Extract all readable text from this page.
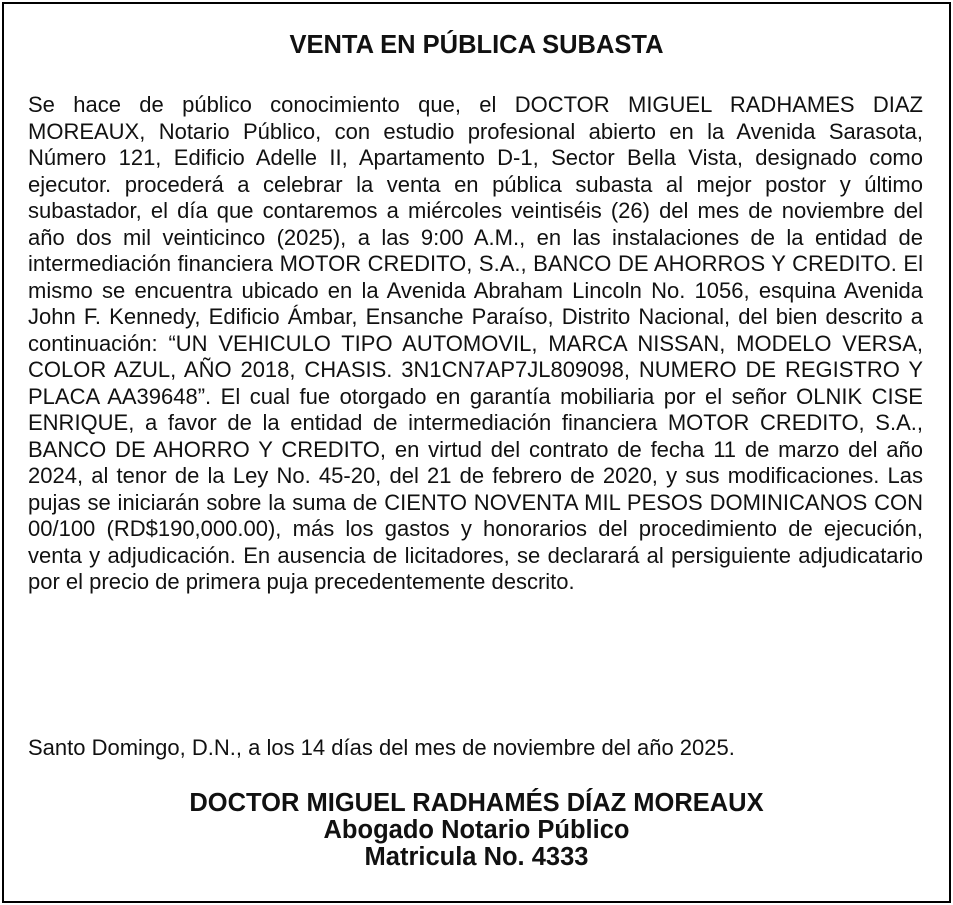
VENTA EN PÚBLICA SUBASTA

Se hace de público conocimiento que, el DOCTOR MIGUEL RADHAMES DIAZ MOREAUX, Notario Público, con estudio profesional abierto en la Avenida Sarasota, Número 121, Edificio Adelle II, Apartamento D-1, Sector Bella Vista, designado como ejecutor. procederá a celebrar la venta en pública subasta al mejor postor y último subastador, el día que contaremos a miércoles veintiséis (26) del mes de noviembre del año dos mil veinticinco (2025), a las 9:00 A.M., en las instalaciones de la entidad de intermediación financiera MOTOR CREDITO, S.A., BANCO DE AHORROS Y CREDITO. El mismo se encuentra ubicado en la Avenida Abraham Lincoln No. 1056, esquina Avenida John F. Kennedy, Edificio Ámbar, Ensanche Paraíso, Distrito Nacional, del bien descrito a continuación: “UN VEHICULO TIPO AUTOMOVIL, MARCA NISSAN, MODELO VERSA, COLOR AZUL, AÑO 2018, CHASIS. 3N1CN7AP7JL809098, NUMERO DE REGISTRO Y PLACA AA39648”. El cual fue otorgado en garantía mobiliaria por el señor OLNIK CISE ENRIQUE, a favor de la entidad de intermediación financiera MOTOR CREDITO, S.A., BANCO DE AHORRO Y CREDITO, en virtud del contrato de fecha 11 de marzo del año 2024, al tenor de la Ley No. 45-20, del 21 de febrero de 2020, y sus modificaciones. Las pujas se iniciarán sobre la suma de CIENTO NOVENTA MIL PESOS DOMINICANOS CON 00/100 (RD$190,000.00), más los gastos y honorarios del procedimiento de ejecución, venta y adjudicación. En ausencia de licitadores, se declarará al persiguiente adjudicatario por el precio de primera puja precedentemente descrito.

Santo Domingo, D.N., a los 14 días del mes de noviembre del año 2025.

DOCTOR MIGUEL RADHAMÉS DÍAZ MOREAUX
Abogado Notario Público
Matricula No. 4333
